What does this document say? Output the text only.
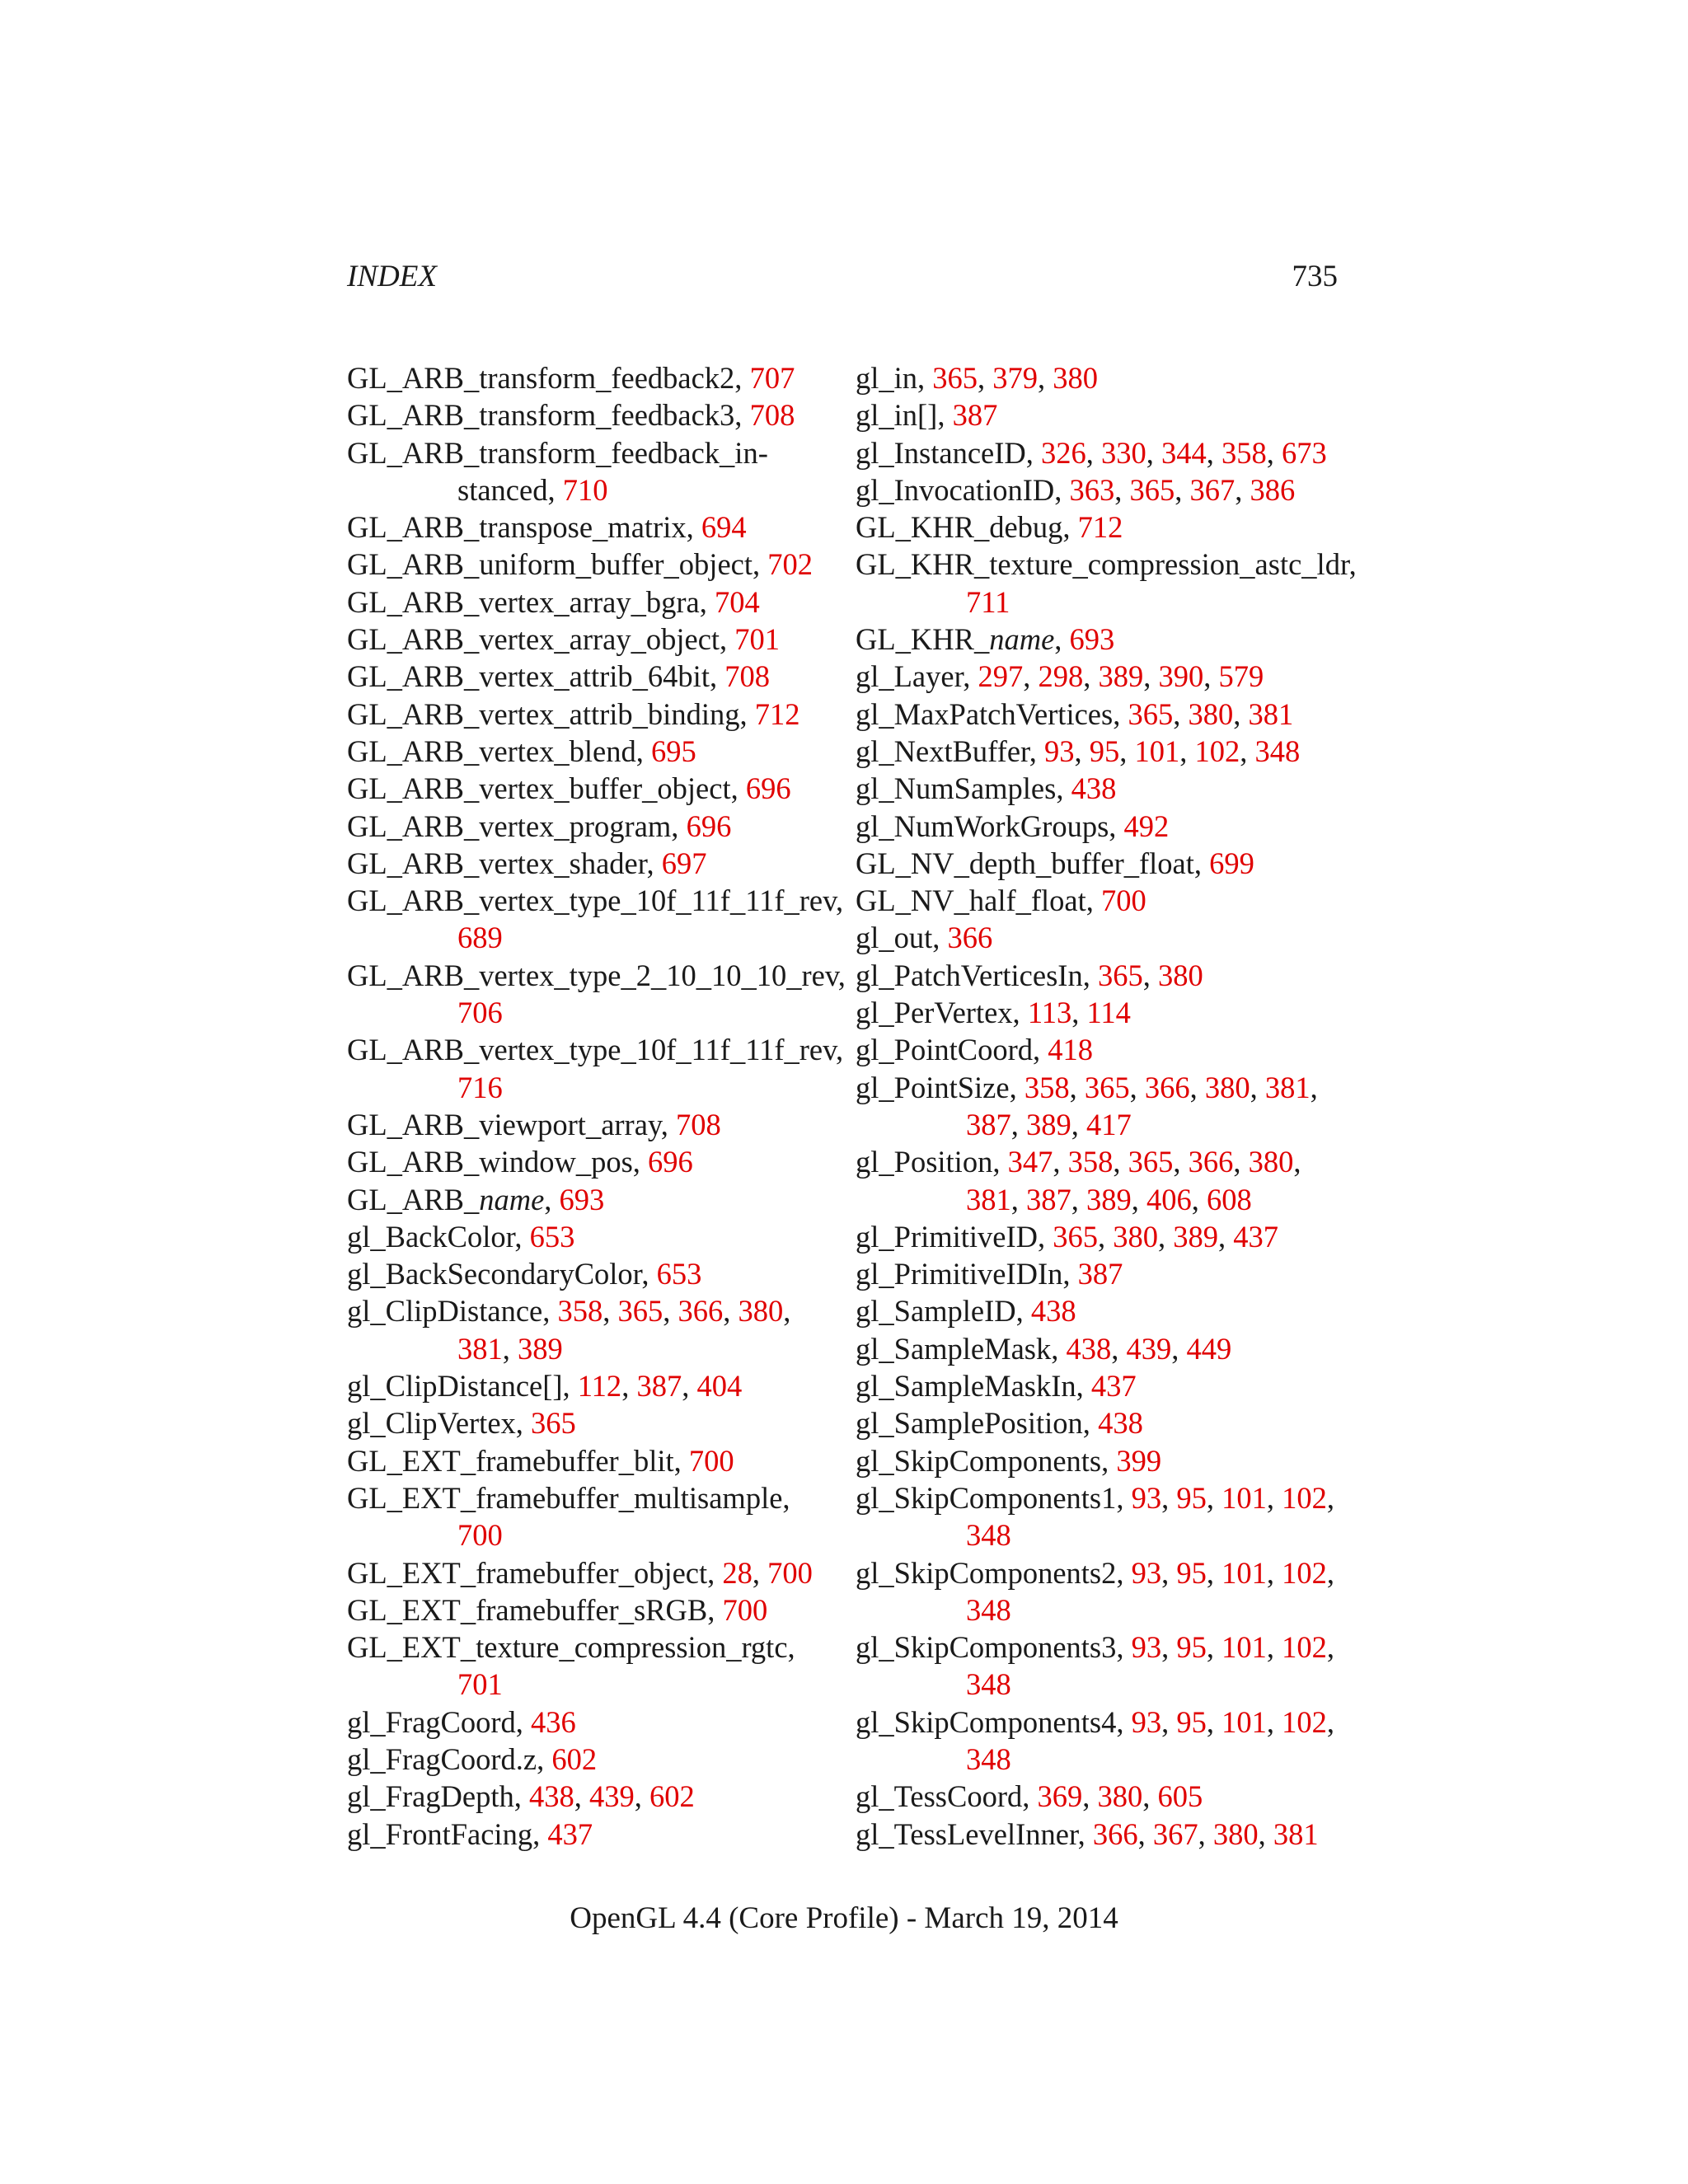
INDEX	735
GL_ARB_transform_feedback2, 707
GL_ARB_transform_feedback3, 708
GL_ARB_transform_feedback_in-
stanced, 710
GL_ARB_transpose_matrix, 694
GL_ARB_uniform_buffer_object, 702
GL_ARB_vertex_array_bgra, 704
GL_ARB_vertex_array_object, 701
GL_ARB_vertex_attrib_64bit, 708
GL_ARB_vertex_attrib_binding, 712
GL_ARB_vertex_blend, 695
GL_ARB_vertex_buffer_object, 696
GL_ARB_vertex_program, 696
GL_ARB_vertex_shader, 697
GL_ARB_vertex_type_10f_11f_11f_rev,
689
GL_ARB_vertex_type_2_10_10_10_rev,
706
GL_ARB_vertex_type_10f_11f_11f_rev,
716
GL_ARB_viewport_array, 708
GL_ARB_window_pos, 696
GL_ARB_name, 693
gl_BackColor, 653
gl_BackSecondaryColor, 653
gl_ClipDistance, 358, 365, 366, 380,
381, 389
gl_ClipDistance[], 112, 387, 404
gl_ClipVertex, 365
GL_EXT_framebuffer_blit, 700
GL_EXT_framebuffer_multisample,
700
GL_EXT_framebuffer_object, 28, 700
GL_EXT_framebuffer_sRGB, 700
GL_EXT_texture_compression_rgtc,
701
gl_FragCoord, 436
gl_FragCoord.z, 602
gl_FragDepth, 438, 439, 602
gl_FrontFacing, 437
gl_in, 365, 379, 380
gl_in[], 387
gl_InstanceID, 326, 330, 344, 358, 673
gl_InvocationID, 363, 365, 367, 386
GL_KHR_debug, 712
GL_KHR_texture_compression_astc_ldr,
711
GL_KHR_name, 693
gl_Layer, 297, 298, 389, 390, 579
gl_MaxPatchVertices, 365, 380, 381
gl_NextBuffer, 93, 95, 101, 102, 348
gl_NumSamples, 438
gl_NumWorkGroups, 492
GL_NV_depth_buffer_float, 699
GL_NV_half_float, 700
gl_out, 366
gl_PatchVerticesIn, 365, 380
gl_PerVertex, 113, 114
gl_PointCoord, 418
gl_PointSize, 358, 365, 366, 380, 381,
387, 389, 417
gl_Position, 347, 358, 365, 366, 380,
381, 387, 389, 406, 608
gl_PrimitiveID, 365, 380, 389, 437
gl_PrimitiveIDIn, 387
gl_SampleID, 438
gl_SampleMask, 438, 439, 449
gl_SampleMaskIn, 437
gl_SamplePosition, 438
gl_SkipComponents, 399
gl_SkipComponents1, 93, 95, 101, 102,
348
gl_SkipComponents2, 93, 95, 101, 102,
348
gl_SkipComponents3, 93, 95, 101, 102,
348
gl_SkipComponents4, 93, 95, 101, 102,
348
gl_TessCoord, 369, 380, 605
gl_TessLevelInner, 366, 367, 380, 381
OpenGL 4.4 (Core Profile) - March 19, 2014
